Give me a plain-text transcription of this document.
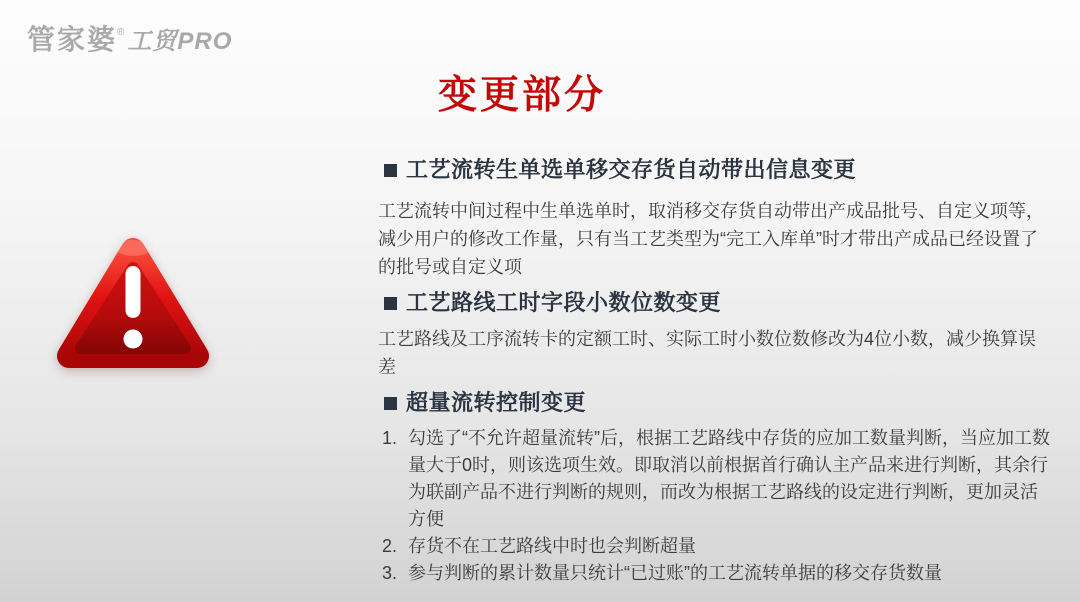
管家婆® 工贸PRO
变更部分
工艺流转生单选单移交存货自动带出信息变更

工艺流转中间过程中生单选单时，取消移交存货自动带出产成品批号、自定义项等，减少用户的修改工作量，只有当工艺类型为“完工入库单”时才带出产成品已经设置了的批号或自定义项

工艺路线工时字段小数位数变更

工艺路线及工序流转卡的定额工时、实际工时小数位数修改为4位小数，减少换算误差

超量流转控制变更
1. 勾选了“不允许超量流转”后，根据工艺路线中存货的应加工数量判断，当应加工数量大于0时，则该选项生效。即取消以前根据首行确认主产品来进行判断，其余行为联副产品不进行判断的规则，而改为根据工艺路线的设定进行判断，更加灵活方便
2. 存货不在工艺路线中时也会判断超量
3. 参与判断的累计数量只统计“已过账”的工艺流转单据的移交存货数量
